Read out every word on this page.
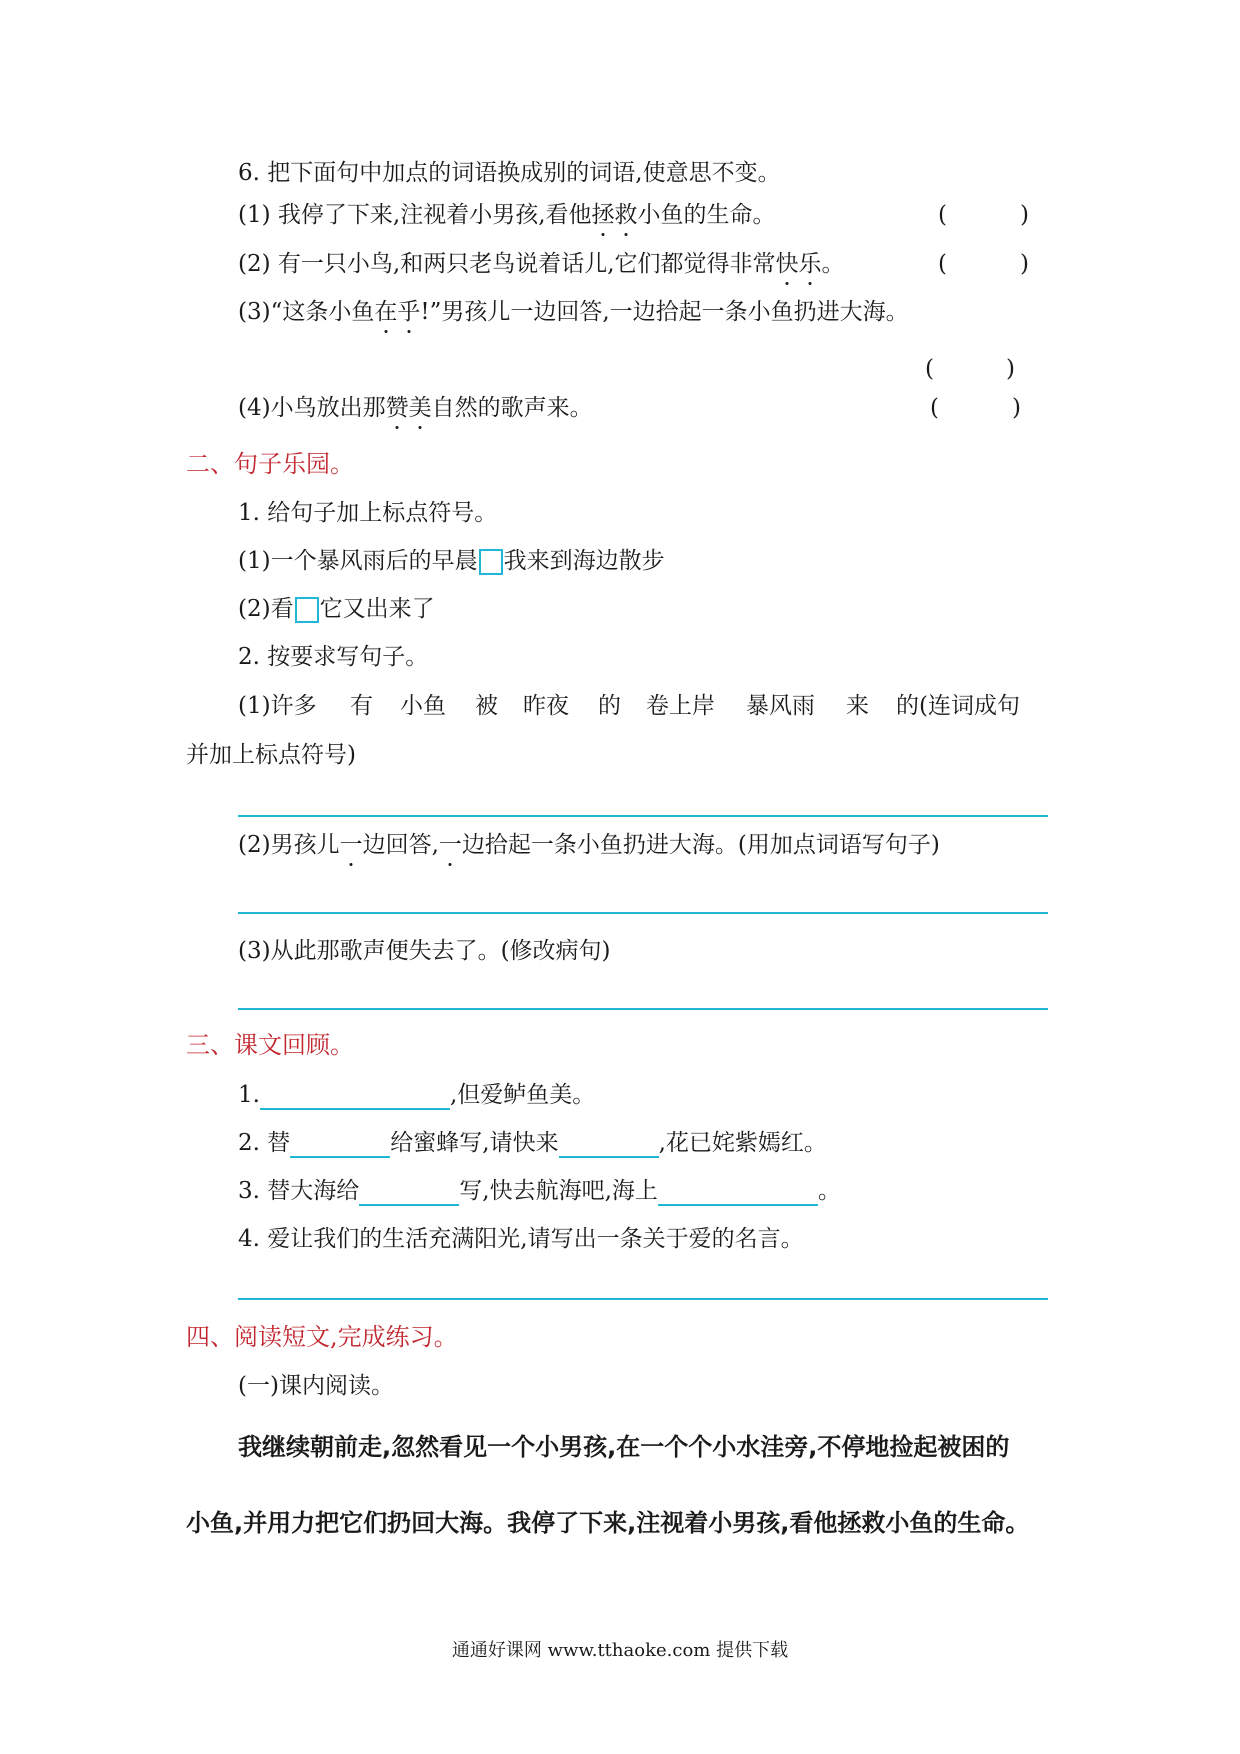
6. 把下面句中加点的词语换成别的词语,使意思不变。
(1) 我停了下来,注视着小男孩,看他拯救小鱼的生命。	(	)
(2) 有一只小鸟,和两只老鸟说着话儿,它们都觉得非常快乐。	(	)
(3)“这条小鱼在乎!”男孩儿一边回答,一边拾起一条小鱼扔进大海。
(	)
(4)小鸟放出那赞美自然的歌声来。	(	)
二、句子乐园。
1. 给句子加上标点符号。
(1)一个暴风雨后的早晨 我来到海边散步
(2)看 它又出来了
2. 按要求写句子。
(1)许多 有 小鱼 被 昨夜 的 卷上岸 暴风雨 来 的(连词成句
并加上标点符号)
(2)男孩儿一边回答,一边拾起一条小鱼扔进大海。(用加点词语写句子)
(3)从此那歌声便失去了。(修改病句)
三、课文回顾。
1.	,但爱鲈鱼美。
2. 替	给蜜蜂写,请快来	,花已姹紫嫣红。
3. 替大海给	写,快去航海吧,海上	。
4. 爱让我们的生活充满阳光,请写出一条关于爱的名言。
四、阅读短文,完成练习。
(一)课内阅读。
我继续朝前走,忽然看见一个小男孩,在一个个小水洼旁,不停地捡起被困的
小鱼,并用力把它们扔回大海。我停了下来,注视着小男孩,看他拯救小鱼的生命。
通通好课网 www.tthaoke.com 提供下载
